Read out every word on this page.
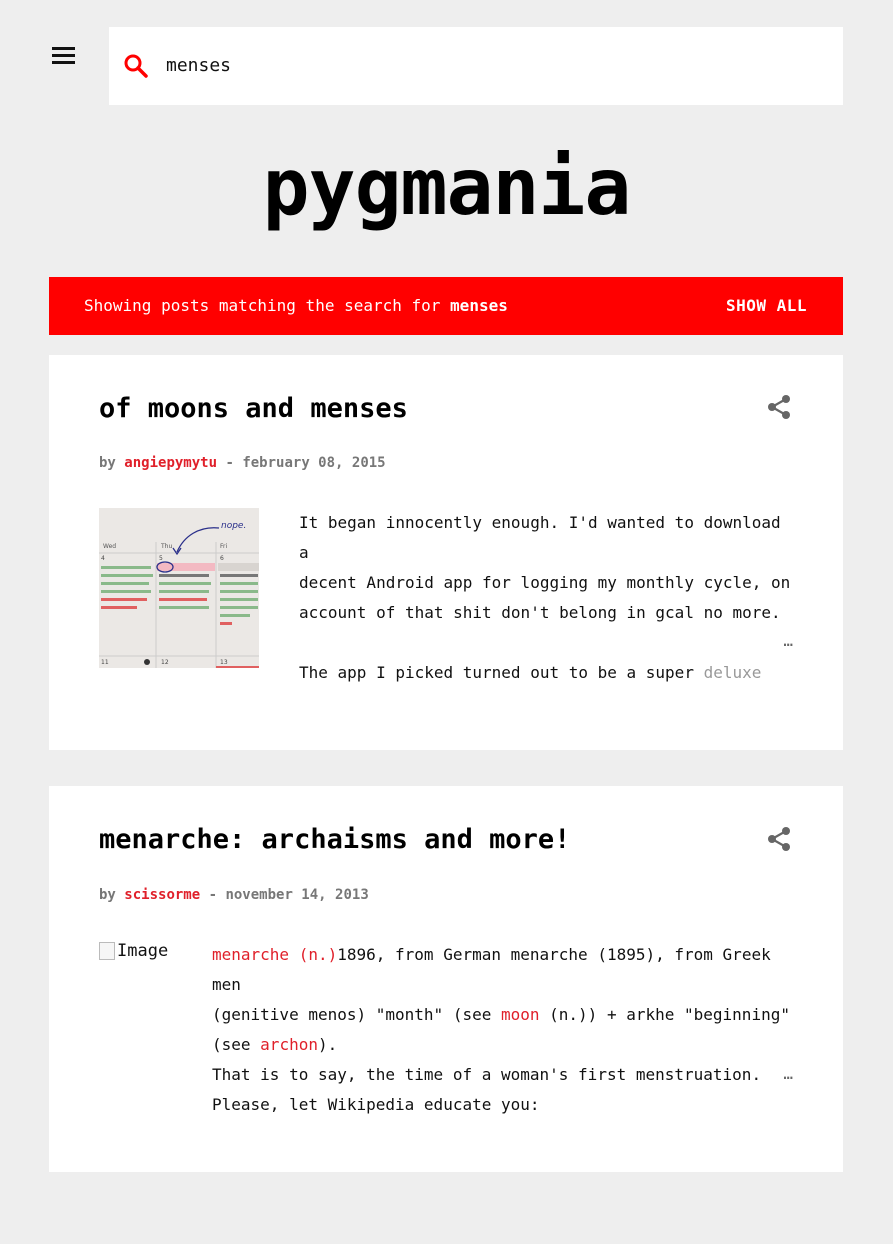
menses
pygmania
Showing posts matching the search for menses	SHOW ALL
of moons and menses
by angiepymytu - february 08, 2015
Wed	Thu	Fri
4	5	6
nope.
11	12	13

It began innocently enough. I'd wanted to download a

decent Android app for logging my monthly cycle, on

account of that shit don't belong in gcal no more.

The app I picked turned out to be a super deluxe

…
menarche: archaisms and more!
by scissorme - november 14, 2013
Image	menarche (n.)1896, from German menarche (1895), from Greek men

(genitive menos) "month" (see moon (n.)) + arkhe "beginning"

(see archon).

That is to say, the time of a woman's first menstruation.

Please, let Wikipedia educate you:

…
